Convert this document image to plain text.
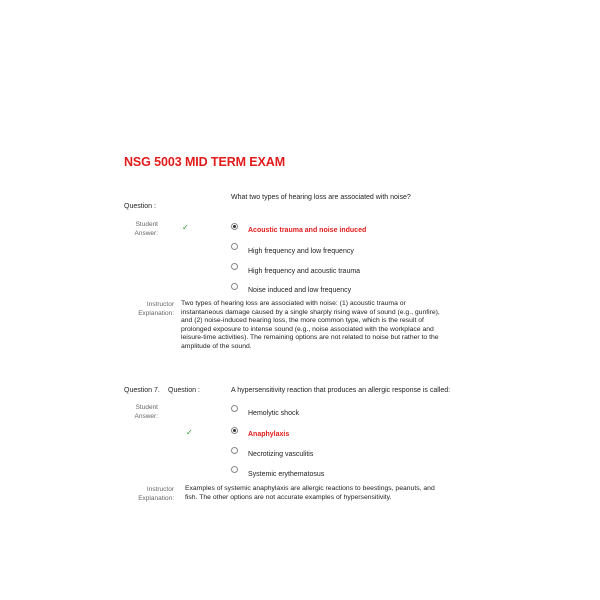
NSG 5003 MID TERM EXAM
What two types of hearing loss are associated with noise?
Question :
Student
Answer:
✓	Acoustic trauma and noise induced
High frequency and low frequency
High frequency and acoustic trauma
Noise induced and low frequency
Instructor
Explanation:
Two types of hearing loss are associated with noise: (1) acoustic trauma or
instantaneous damage caused by a single sharply rising wave of sound (e.g., gunfire),
and (2) noise-induced hearing loss, the more common type, which is the result of
prolonged exposure to intense sound (e.g., noise associated with the workplace and
leisure-time activities). The remaining options are not related to noise but rather to the
amplitude of the sound.
Question 7. Question :	A hypersensitivity reaction that produces an allergic response is called:
Student
Answer:	Hemolytic shock
✓	Anaphylaxis
Necrotizing vasculitis
Systemic erythematosus
Instructor
Explanation:
Examples of systemic anaphylaxis are allergic reactions to beestings, peanuts, and
fish. The other options are not accurate examples of hypersensitivity.
